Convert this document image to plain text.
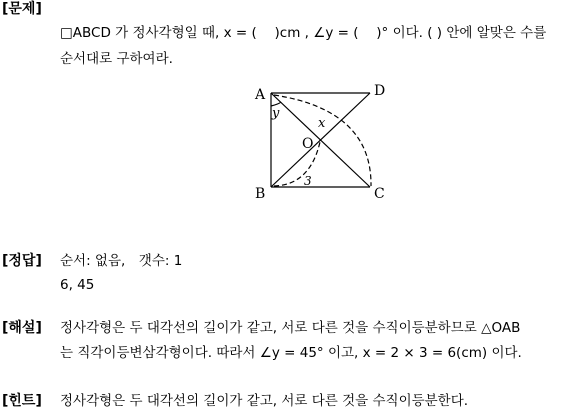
[문제]
□ABCD 가 정사각형일 때, x = (　 )cm , ∠y = (　 )° 이다. ( ) 안에 알맞은 수를
순서대로 구하여라.
A
B	C
D
O
x
y
3
[정답] 순서: 없음,　갯수: 1
6, 45
[해설] 정사각형은 두 대각선의 길이가 같고, 서로 다른 것을 수직이등분하므로 △OAB
는 직각이등변삼각형이다. 따라서 ∠y = 45° 이고, x = 2 × 3 = 6(cm) 이다.
[힌트] 정사각형은 두 대각선의 길이가 같고, 서로 다른 것을 수직이등분한다.
